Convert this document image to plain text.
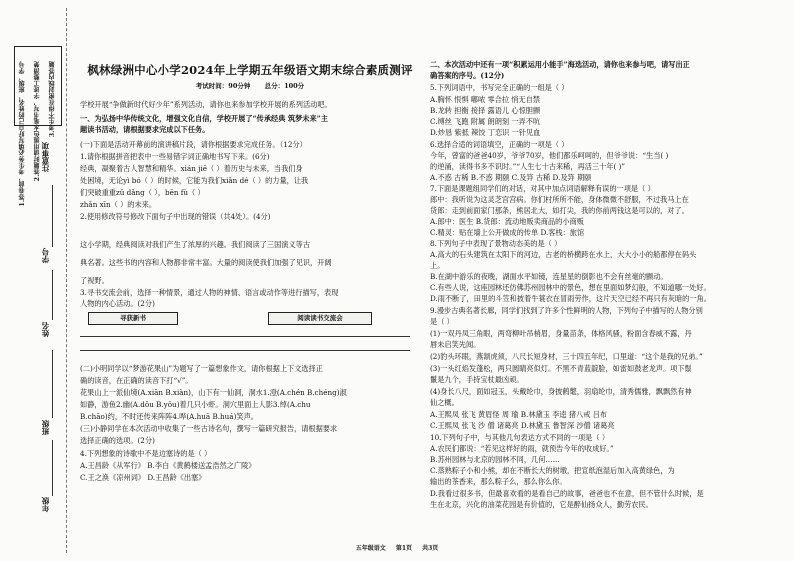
1.答卷前，考生务必填写好自己的姓名、班级、学号 2.答题时请用黑色水笔书写，字迹工整清楚 3.考生不得在密封线内答题
注意事项
学号
姓名
班级
年级
枫林绿洲中心小学2024年上学期五年级语文期末综合素质测评
考试时间：90分钟 总分：100分
学校开展“争做新时代好少年”系列活动，请你也来参加学校开展的系列活动吧。
一、为弘扬中华传统文化，增强文化自信，学校开展了“传承经典 筑梦未来”主
题读书活动，请根据要求完成以下任务。
(一)下面是活动开幕前的演讲稿片段，请你根据要求完成任务。（12分）
1.请你根据拼音把表中一些易错字词正确地书写下来。(6分)
经典，凝聚着古人智慧和精华。xián jiē（ ）着历史与未来，当我们身
处困境，无论yì bó（ ）的时候，它能为我们xiǎn dé（ ）的力量，让我
们突破重重zǔ dǎng（ ），bēn fù（ ）
zhǎn xīn（ ）的未来。
2.使用修改符号修改下面句子中出现的错误（共4处）。(4分)
这小学期，经典阅读对我们产生了浓厚的兴趣。我们阅读了三国演义等古
典名著。这些书的内容和人物都非常丰富。大量的阅读使我们加强了见识，开阔
了视野。
3.寻书交流会前，选择一种情景，通过人物的神情、语言或动作等进行描写，表现
人物的内心活动。(2分)
寻获新书	阅读读书交流会
(二)小明同学以“梦游花果山”为题写了一篇想象作文，请你根据上下文选择正
确的读音，在正确的读音下打“√”。
花果山上一派仙境(A.xiān B.xiàn)，山下有一仙洞，洞水1.澄(A.chén B.chéng)淑
如静，游鱼2.幽(A.dǒu B.yǒu)着几只小虾。洞穴里面上人影3.绰(A.chu
B.chāo)约，不时还传来阵阵4.哗(A.huā B.huá)笑声。
(三)小静同学在本次活动中收集了一些古诗名句，撰写一篇研究报告，请根据要求
选择正确的选项。(2分)
4.下列想象的诗歌中不是边塞诗的是（ ）
A.王昌龄《从军行》 B.李白《黄鹤楼送孟浩然之广陵》
C.王之涣《凉州词》 D.王昌龄《出塞》
二、本次活动中还有一项“积累运用小能手”海选活动，请你也来参与吧，请写出正
确答案的序号。(12分)
5.下列词语中，书写完全正确的一组是（ ）
A.胸怀 恨惧 嘟哝 零合拉 悄无自禁
B.龙转 担衡 接择 露语儿 心惊胆颤
C.缚丝 飞跑 附属 朗朗刻 一弄不吭
D.炒恳 紫抵 辣饺 丁恋识 一针见血
6.选择合适的词语填空，正确的一项是（ ）
今年，曾富的爸爸40岁，爷爷70岁，他们都乐呵呵的，但爷爷说：“生当( )
的逆涌，读得书多不识时。”“人生七十古来稀，再活三十年( )”
A.不惑 古稀 B.不惑 期颐 C.及笄 古稀 D.及笄 期颐
7.下面是课题组同学们的对话，对其中加点词语解释有误的一项是（ ）
郎中：我听说为这灵芝宫宫病。你们村所所不能，身体微微不舒服，不过我马上在
货郎：走到前面家门那条，熊居北大，如打尖，我的你前两钱这是可以的，对了。
A.郎中：医生 B.货郎：流动地贩卖商品的小商贩
C.精灵：贴在墙上公开做成的传单 D.客栈：旅馆
8.下列句子中表现了景物动态美的是（ ）
A.高大的石头建筑在太阳下的河边，古老的桥横跨在水上，大大小小的船都停在码头
上。
B.在湖中游乐的夜晚，湖面水平如镜，连星星的倒影也不会有丝毫的颤动。
C.有些人说，这座园林还仿佛苏州园林中的景色，想在里面如梦幻般，不知道哪一处好。
D.雨不断了，田里的斗笠和披着牛蓑衣在冒雨劳作，这片天空已经不再只有灰暗的一角。
9.漫步古典名著长廊，同学们找到了许多个性鲜明的人物，下列句子中描写的人物分别
是（ ）
(1)一双丹凤三角眼，两弯柳叶吊梢眉，身量苗条，体格风骚，粉面含春威不露，丹
唇未启笑先闻。
(2)豹头环眼，燕颔虎须，八尺长短身材，三十四五年纪，口里道：“这个是我的兄弟。”
(3)一头红焰发蓬松，两只圆睛亮似灯。不黑不青蓝靛脸，如雷如鼓老龙声。项下鬃
鬣是九个，手持宝杖最凶顽。
(4)身长八尺，面如冠玉，头戴纶巾，身披鹤氅，羽扇纶巾，清秀儒雅，飘飘然有神
仙之概。
A.王熙凤 张飞 黄眉怪 周 瑜 B.林黛玉 李逵 猪八戒 吕布
C.王熙凤 张飞 沙 僧 诸葛亮 D.林黛玉 鲁智深 沙僧 诸葛亮
10.下列句子中，与其他几句表达方式不同的一项是（ ）
A.农民们都说：“若见这样好的雨，就预告今年的收成好。”
B.苏州园林与北京的园林不同，几何……
C.蒸熟粽子小和小熊，却在不断长大的树墩，把宣纸泡湿后加入高黄绿色，为
输出的茶香来，那么粽子么，那么你么你。
D.我看过很多书，但最喜欢看的是看自己的故事，爸爸也不在意，但不管什么时候，是
生在北京，兴化的油菜花园是有价值的，它是醉仙扬众人，勤劳农民。
五年级语文 第1页 共3页
